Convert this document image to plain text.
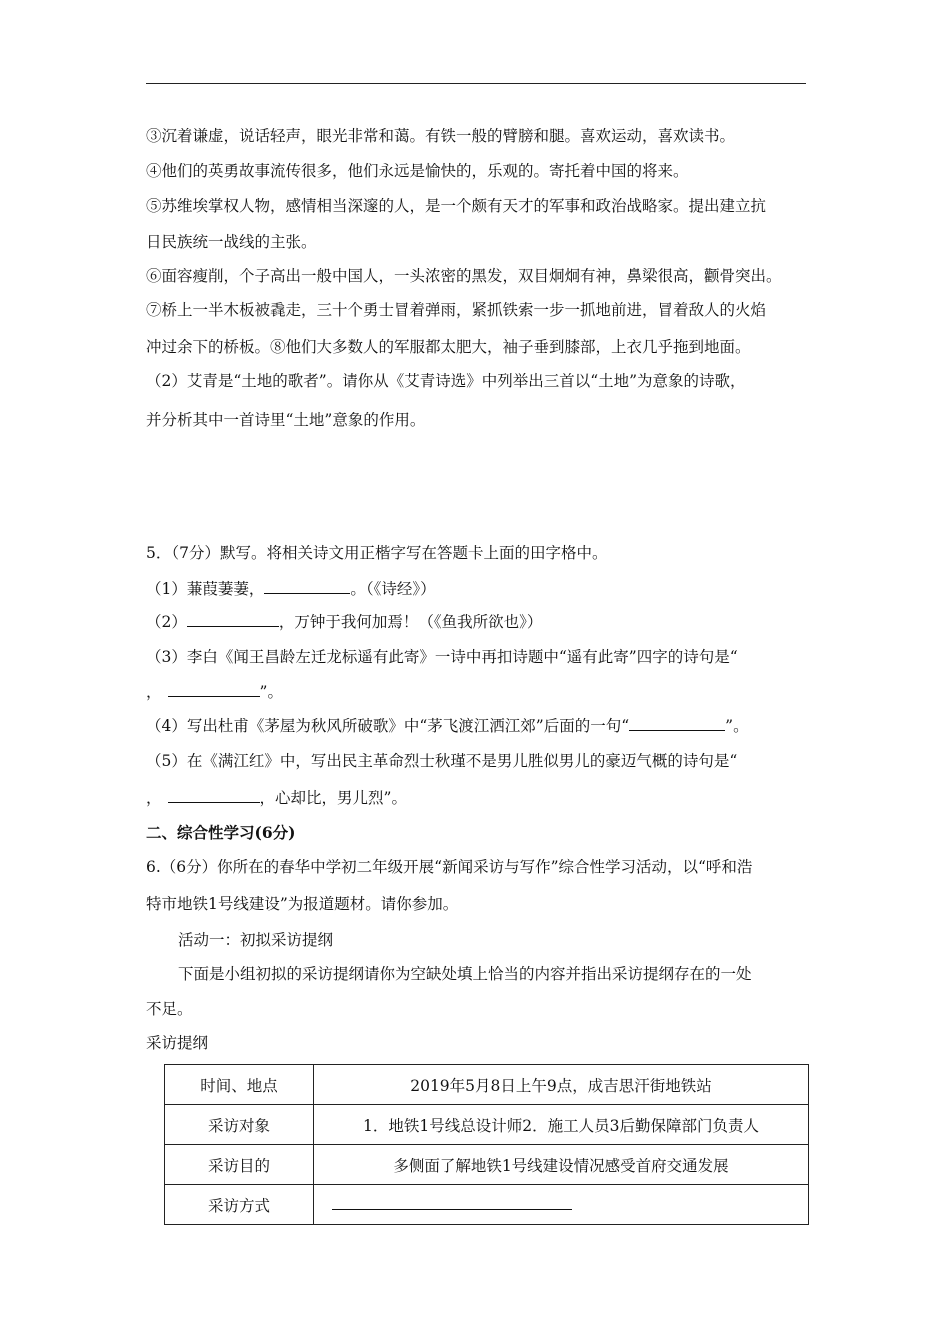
③沉着谦虚，说话轻声，眼光非常和蔼。有铁一般的臂膀和腿。喜欢运动，喜欢读书。
④他们的英勇故事流传很多，他们永远是愉快的，乐观的。寄托着中国的将来。
⑤苏维埃掌权人物，感情相当深邃的人，是一个颇有天才的军事和政治战略家。提出建立抗
日民族统一战线的主张。
⑥面容瘦削，个子高出一般中国人，一头浓密的黑发，双目炯炯有神，鼻梁很高，颧骨突出。
⑦桥上一半木板被毳走，三十个勇士冒着弹雨，紧抓铁索一步一抓地前进，冒着敌人的火焰
冲过余下的桥板。⑧他们大多数人的军服都太肥大，袖子垂到膝部，上衣几乎拖到地面。
（2）艾青是“土地的歌者”。请你从《艾青诗选》中列举出三首以“土地”为意象的诗歌，
并分析其中一首诗里“土地”意象的作用。
5．（7分）默写。将相关诗文用正楷字写在答题卡上面的田字格中。
（1）蒹葭萋萋，	。（《诗经》）
（2）	，万钟于我何加焉！（《鱼我所欲也》）
（3）李白《闻王昌龄左迁龙标遥有此寄》一诗中再扣诗题中“遥有此寄”四字的诗句是“
，	”。
（4）写出杜甫《茅屋为秋风所破歌》中“茅飞渡江洒江郊”后面的一句“	”。
（5）在《满江红》中，写出民主革命烈士秋瑾不是男儿胜似男儿的豪迈气概的诗句是“
，	，心却比，男儿烈”。
二、综合性学习(6分)
6.（6分）你所在的春华中学初二年级开展“新闻采访与写作”综合性学习活动，以“呼和浩
特市地铁1号线建设”为报道题材。请你参加。
活动一：初拟采访提纲
下面是小组初拟的采访提纲请你为空缺处填上恰当的内容并指出采访提纲存在的一处
不足。
采访提纲
时间、地点	2019年5月8日上午9点，成吉思汗街地铁站
采访对象	1．地铁1号线总设计师2．施工人员3后勤保障部门负责人
采访目的	多侧面了解地铁1号线建设情况感受首府交通发展
采访方式	
